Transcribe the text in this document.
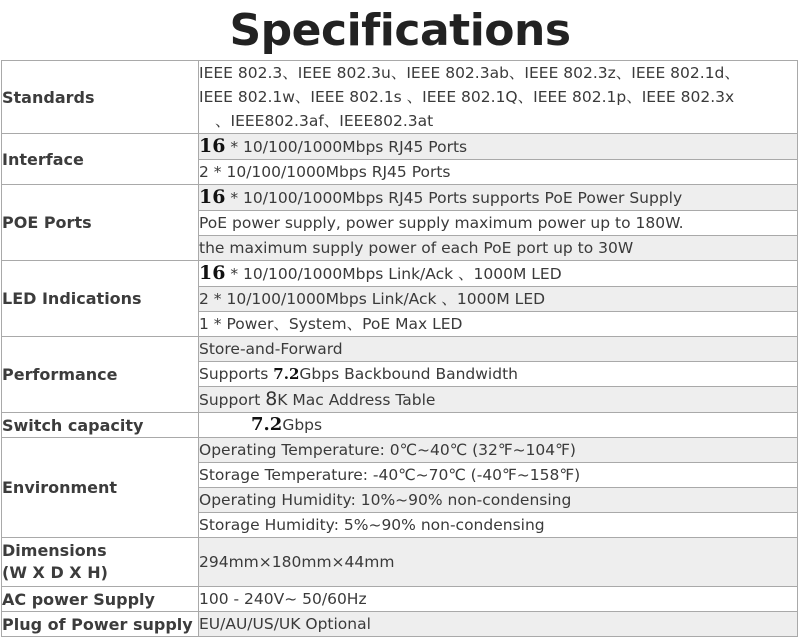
Specifications
Standards	IEEE 802.3、IEEE 802.3u、IEEE 802.3ab、IEEE 802.3z、IEEE 802.1d、
IEEE 802.1w、IEEE 802.1s 、IEEE 802.1Q、IEEE 802.1p、IEEE 802.3x
、IEEE802.3af、IEEE802.3at

Interface	16 * 10/100/1000Mbps RJ45 Ports
	2 * 10/100/1000Mbps RJ45 Ports
POE Ports	16 * 10/100/1000Mbps RJ45 Ports supports PoE Power Supply
	PoE power supply, power supply maximum power up to 180W.
	the maximum supply power of each PoE port up to 30W
LED Indications	16 * 10/100/1000Mbps Link/Ack 、1000M LED
	2 * 10/100/1000Mbps Link/Ack 、1000M LED
	1 * Power、System、PoE Max LED
Performance	Store-and-Forward
	Supports 7.2Gbps Backbound Bandwidth
	Support 8K Mac Address Table
Switch capacity	7.2Gbps
Environment	Operating Temperature: 0℃~40℃ (32℉~104℉)
	Storage Temperature: -40℃~70℃ (-40℉~158℉)
	Operating Humidity: 10%~90% non-condensing
	Storage Humidity: 5%~90% non-condensing

Dimensions
(W X D X H)	294mm×180mm×44mm
AC power Supply	100 - 240V~ 50/60Hz
Plug of Power supply	EU/AU/US/UK Optional
